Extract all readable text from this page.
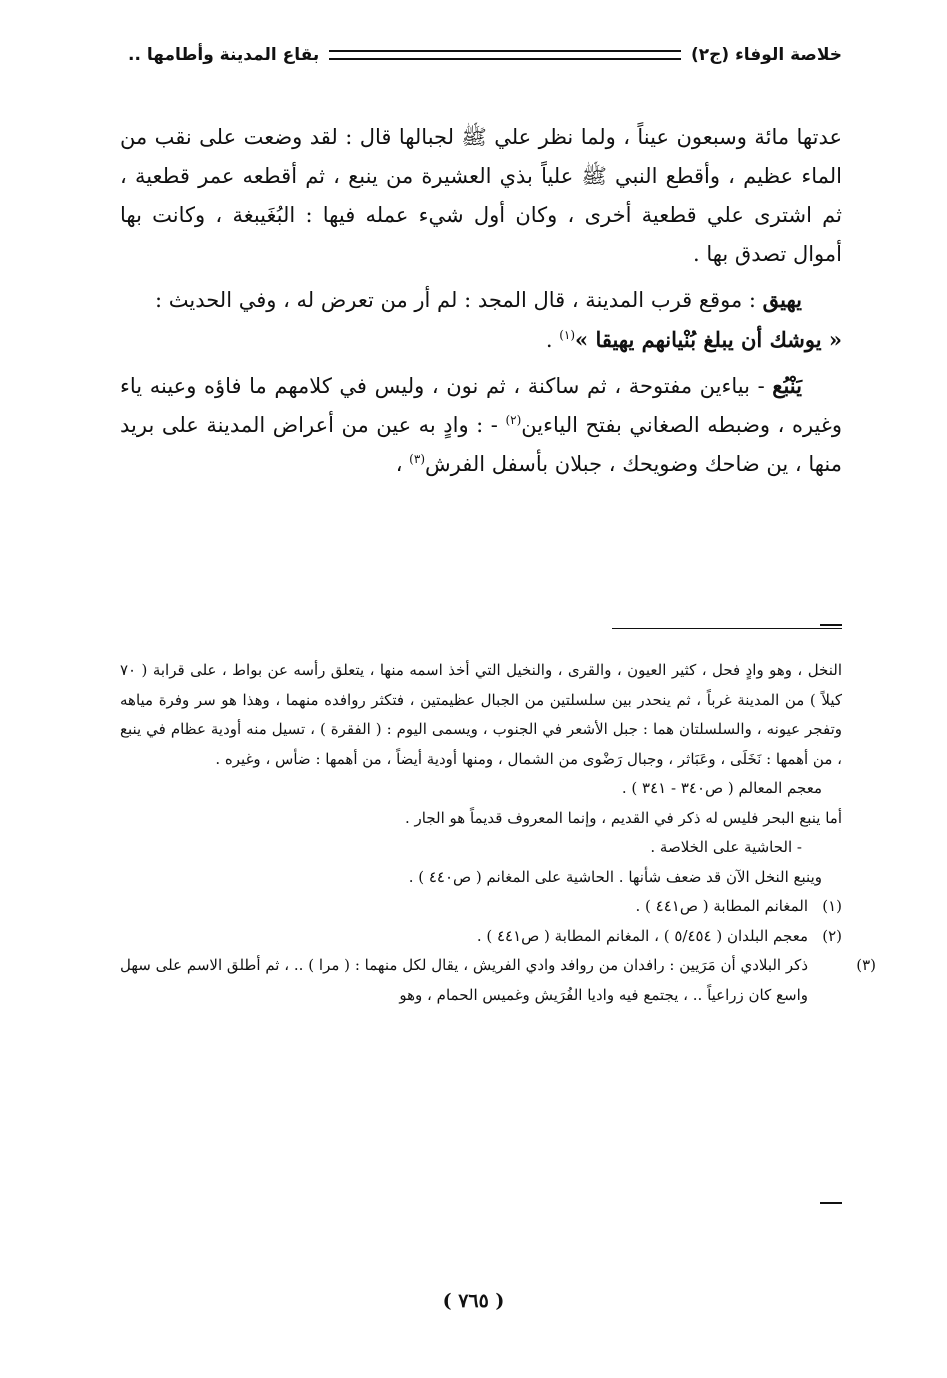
خلاصة الوفاء (ج٢)
بقاع المدينة وأطامها ..

عدتها مائة وسبعون عيناً ، ولما نظر علي ﷺ لجبالها قال : لقد وضعت على نقب من الماء عظيم ، وأقطع النبي ﷺ علياً بذي العشيرة من ينبع ، ثم أقطعه عمر قطعية ، ثم اشترى علي قطعية أخرى ، وكان أول شيء عمله فيها : البُغَيبغة ، وكانت بها أموال تصدق بها .

يهيق : موقع قرب المدينة ، قال المجد : لم أر من تعرض له ، وفي الحديث :
« يوشك أن يبلغ بُنْيانهم يهيقا »$^{(١)}$ .

يَنْبُع - بياءين مفتوحة ، ثم ساكنة ، ثم نون ، وليس في كلامهم ما فاؤه وعينه ياء وغيره ، وضبطه الصغاني بفتح الياءين$^{(٢)}$ - : وادٍ به عين من أعراض المدينة على بريد منها ، ين ضاحك وضويحك ، جبلان بأسفل الفرش$^{(٣)}$ ،

النخل ، وهو وادٍ فحل ، كثير العيون ، والقرى ، والنخيل التي أخذ اسمه منها ، يتعلق رأسه عن بواط ، على قرابة ( ٧٠ كيلاً ) من المدينة غرباً ، ثم ينحدر بين سلسلتين من الجبال عظيمتين ، فتكثر روافده منهما ، وهذا هو سر وفرة مياهه وتفجر عيونه ، والسلسلتان هما : جبل الأشعر في الجنوب ، ويسمى اليوم : ( الفقرة ) ، تسيل منه أودية عظام في ينبع ، من أهمها : نَخَلَى ، وعَبَاثر ، وجبال رَضْوى من الشمال ، ومنها أودية أيضاً ، من أهمها : ضأس ، وغيره .

معجم المعالم ( ص٣٤٠ - ٣٤١ ) .

أما ينبع البحر فليس له ذكر في القديم ، وإنما المعروف قديماً هو الجار .

- الحاشية على الخلاصة .

وينبع النخل الآن قد ضعف شأنها . الحاشية على المغانم ( ص٤٤٠ ) .

(١)المغانم المطابة ( ص٤٤١ ) .

(٢)معجم البلدان ( ٥/٤٥٤ ) ، المغانم المطابة ( ص٤٤١ ) .

(٣)ذكر البلادي أن مَرَيين : رافدان من روافد وادي الفريش ، يقال لكل منهما : ( مرا ) .. ، ثم أطلق الاسم على سهل واسع كان زراعياً .. ، يجتمع فيه واديا الفُرَيش وغميس الحمام ، وهو

( ٧٦٥ )
